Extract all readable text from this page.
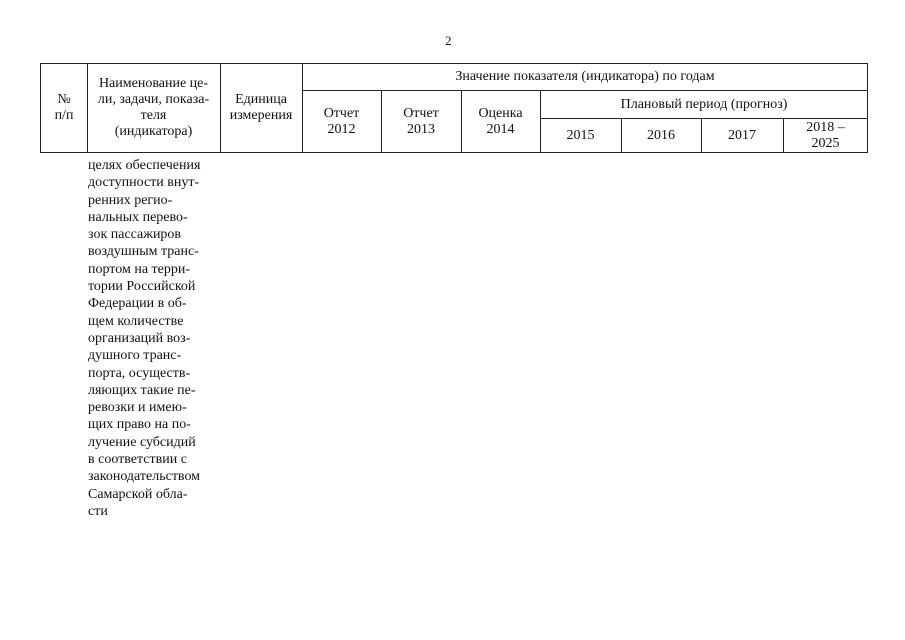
2
№
п/п
Наименование це-
ли, задачи, показа-
теля
(индикатора)
Единица
измерения
Значение показателя (индикатора) по годам
Отчет
2012
Отчет
2013
Оценка
2014
Плановый период (прогноз)
2015	2016	2017
2018 –
2025
целях обеспечения
доступности внут-
ренних регио-
нальных перево-
зок пассажиров
воздушным транс-
портом на терри-
тории Российской
Федерации в об-
щем количестве
организаций воз-
душного транс-
порта, осуществ-
ляющих такие пе-
ревозки и имею-
щих право на по-
лучение субсидий
в соответствии с
законодательством
Самарской обла-
сти
